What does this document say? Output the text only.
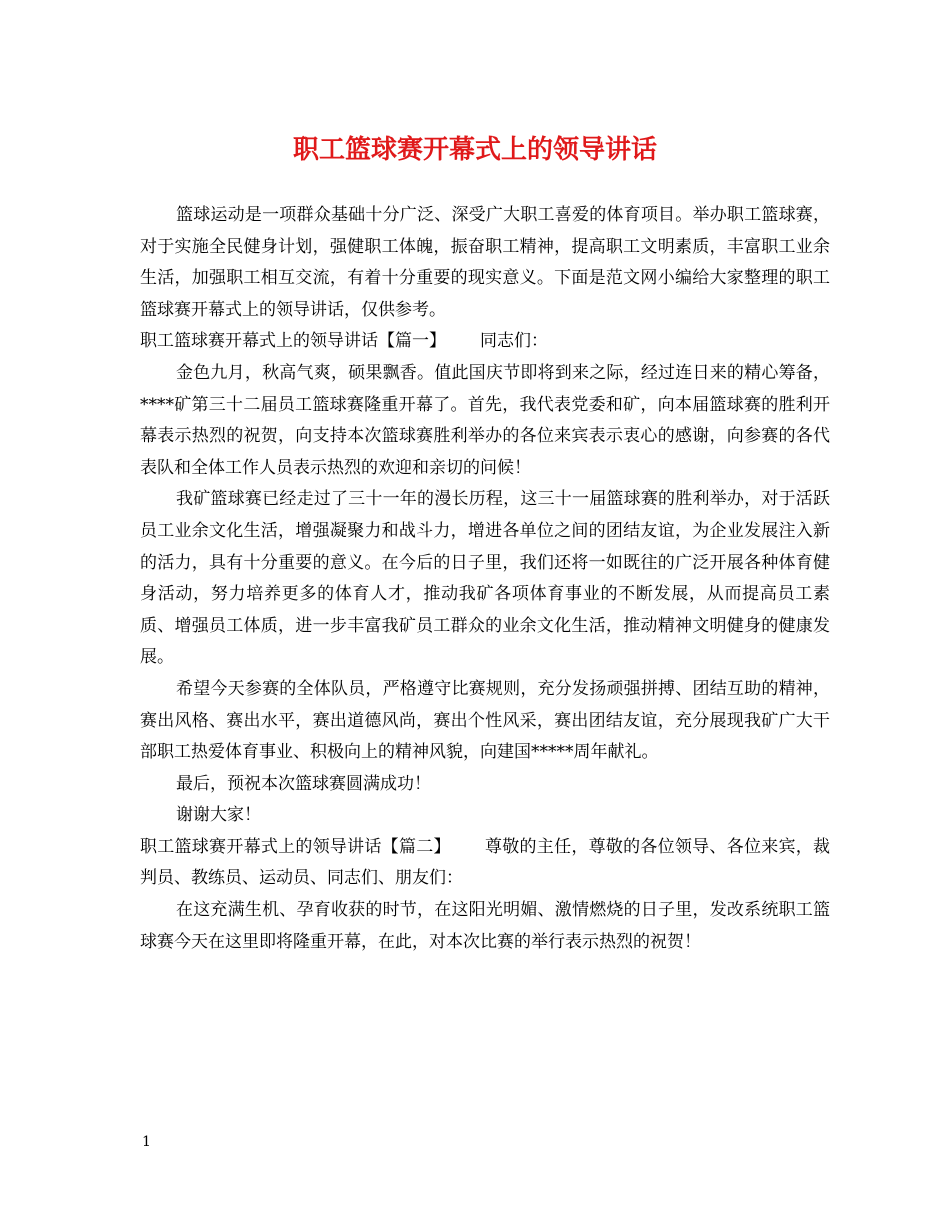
职工篮球赛开幕式上的领导讲话

篮球运动是一项群众基础十分广泛、深受广大职工喜爱的体育项目。举办职工篮球赛，对于实施全民健身计划，强健职工体魄，振奋职工精神，提高职工文明素质，丰富职工业余生活，加强职工相互交流，有着十分重要的现实意义。下面是范文网小编给大家整理的职工篮球赛开幕式上的领导讲话，仅供参考。

职工篮球赛开幕式上的领导讲话【篇一】 同志们：

金色九月，秋高气爽，硕果飘香。值此国庆节即将到来之际，经过连日来的精心筹备，****矿第三十二届员工篮球赛隆重开幕了。首先，我代表党委和矿，向本届篮球赛的胜利开幕表示热烈的祝贺，向支持本次篮球赛胜利举办的各位来宾表示衷心的感谢，向参赛的各代表队和全体工作人员表示热烈的欢迎和亲切的问候！

我矿篮球赛已经走过了三十一年的漫长历程，这三十一届篮球赛的胜利举办，对于活跃员工业余文化生活，增强凝聚力和战斗力，增进各单位之间的团结友谊，为企业发展注入新的活力，具有十分重要的意义。在今后的日子里，我们还将一如既往的广泛开展各种体育健身活动，努力培养更多的体育人才，推动我矿各项体育事业的不断发展，从而提高员工素质、增强员工体质，进一步丰富我矿员工群众的业余文化生活，推动精神文明健身的健康发展。

希望今天参赛的全体队员，严格遵守比赛规则，充分发扬顽强拼搏、团结互助的精神，赛出风格、赛出水平，赛出道德风尚，赛出个性风采，赛出团结友谊，充分展现我矿广大干部职工热爱体育事业、积极向上的精神风貌，向建国*****周年献礼。

最后，预祝本次篮球赛圆满成功！

谢谢大家！

职工篮球赛开幕式上的领导讲话【篇二】 尊敬的主任，尊敬的各位领导、各位来宾，裁判员、教练员、运动员、同志们、朋友们：

在这充满生机、孕育收获的时节，在这阳光明媚、激情燃烧的日子里，发改系统职工篮球赛今天在这里即将隆重开幕，在此，对本次比赛的举行表示热烈的祝贺！

1
